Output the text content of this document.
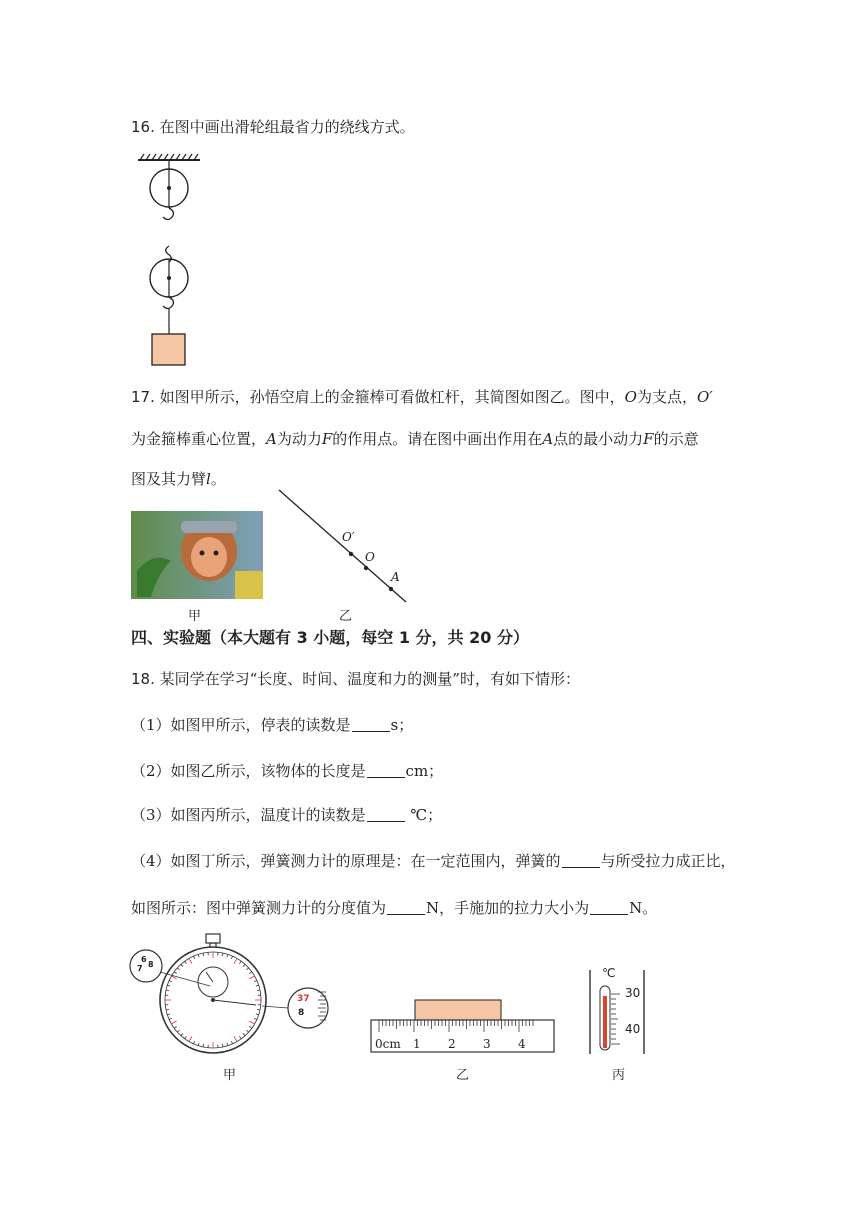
16. 在图中画出滑轮组最省力的绕线方式。
17. 如图甲所示，孙悟空肩上的金箍棒可看做杠杆，其简图如图乙。图中，O为支点，O′
为金箍棒重心位置，A为动力F的作用点。请在图中画出作用在A点的最小动力F的示意
图及其力臂l。
甲
O′
O
A
乙
四、实验题（本大题有 3 小题，每空 1 分，共 20 分）
18. 某同学在学习“长度、时间、温度和力的测量”时，有如下情形：
（1）如图甲所示，停表的读数是	s；
（2）如图乙所示，该物体的长度是	cm；
（3）如图丙所示，温度计的读数是	℃；
（4）如图丁所示，弹簧测力计的原理是：在一定范围内，弹簧的	与所受拉力成正比，
如图所示：图中弹簧测力计的分度值为	N，手施加的拉力大小为	N。
6
7 8
37
8
甲
0cm 1 2 3 4
乙
℃
30
40
丙
